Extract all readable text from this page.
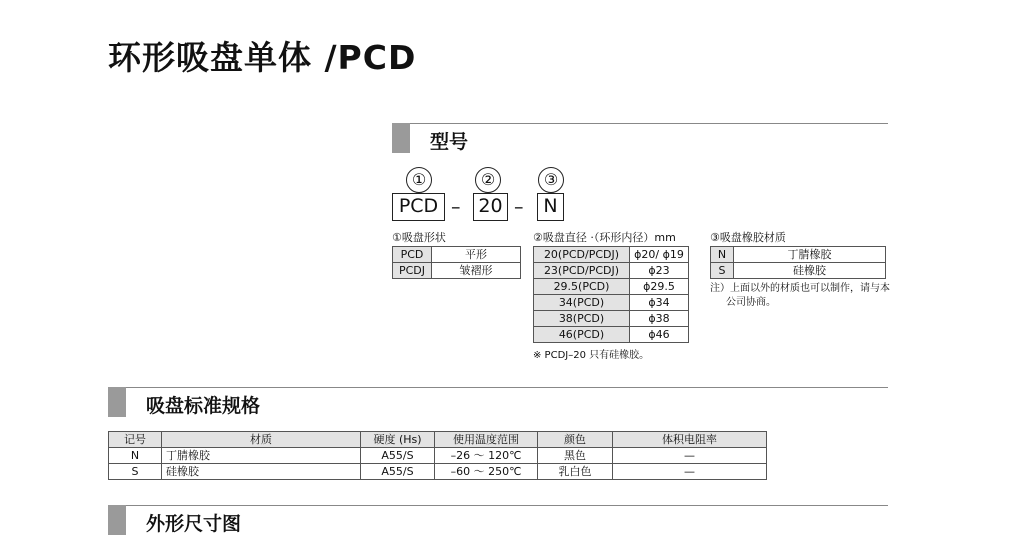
环形吸盘单体 /PCD
型号
①	②	③
PCD – 20 –	N
①吸盘形状
PCD	平形
PCDJ	皱褶形
②吸盘直径 ·（环形内径）mm
20(PCD/PCDJ)	ϕ20/ ϕ19
23(PCD/PCDJ)	ϕ23
29.5(PCD)	ϕ29.5
34(PCD)	ϕ34
38(PCD)	ϕ38
46(PCD)	ϕ46
※ PCDJ–20 只有硅橡胶。
③吸盘橡胶材质
N	丁腈橡胶
S	硅橡胶
注）上面以外的材质也可以制作，请与本
公司协商。
吸盘标准规格
记号	材质	硬度 (Hs)	使用温度范围	颜色	体积电阻率
N	丁腈橡胶	A55/S	–26 ～ 120℃	黑色	—
S	硅橡胶	A55/S	–60 ～ 250℃	乳白色	—
外形尺寸图
